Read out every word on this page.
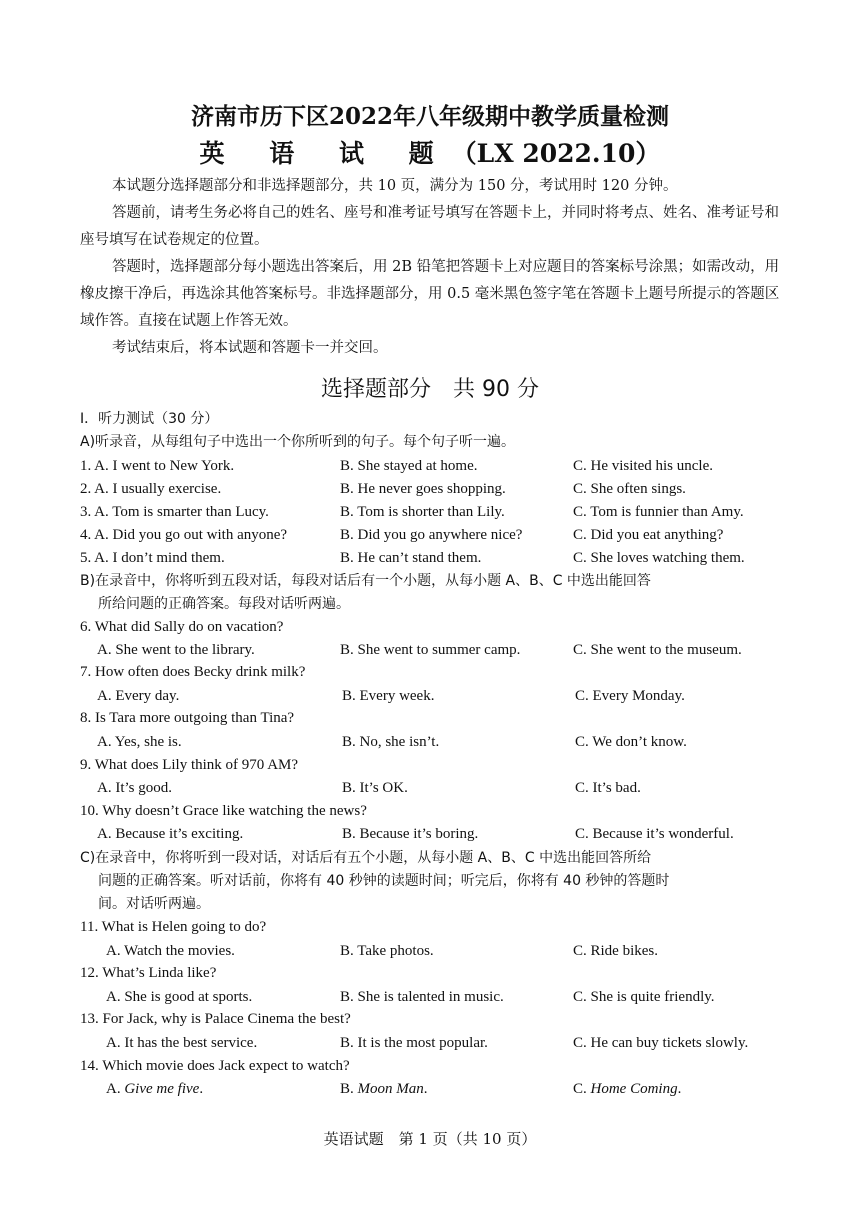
济南市历下区2022年八年级期中教学质量检测
英 语 试 题（LX 2022.10）
本试题分选择题部分和非选择题部分，共 10 页，满分为 150 分，考试用时 120 分钟。
答题前，请考生务必将自己的姓名、座号和准考证号填写在答题卡上，并同时将考点、姓名、准考证号和座号填写在试卷规定的位置。
答题时，选择题部分每小题选出答案后，用 2B 铅笔把答题卡上对应题目的答案标号涂黑；如需改动，用橡皮擦干净后，再选涂其他答案标号。非选择题部分，用 0.5 毫米黑色签字笔在答题卡上题号所提示的答题区域作答。直接在试题上作答无效。
考试结束后，将本试题和答题卡一并交回。
选择题部分　共 90 分
I．听力测试（30 分）
A)听录音，从每组句子中选出一个你所听到的句子。每个句子听一遍。
1. A. I went to New York.	B. She stayed at home.	C. He visited his uncle.
2. A. I usually exercise.	B. He never goes shopping.	C. She often sings.
3. A. Tom is smarter than Lucy.	B. Tom is shorter than Lily.	C. Tom is funnier than Amy.
4. A. Did you go out with anyone?	B. Did you go anywhere nice?	C. Did you eat anything?
5. A. I don’t mind them.	B. He can’t stand them.	C. She loves watching them.
B)在录音中，你将听到五段对话，每段对话后有一个小题，从每小题 A、B、C 中选出能回答
所给问题的正确答案。每段对话听两遍。
6. What did Sally do on vacation?
A. She went to the library.	B. She went to summer camp.	C. She went to the museum.
7. How often does Becky drink milk?
A. Every day.	B. Every week.	C. Every Monday.
8. Is Tara more outgoing than Tina?
A. Yes, she is.	B. No, she isn’t.	C. We don’t know.
9. What does Lily think of 970 AM?
A. It’s good.	B. It’s OK.	C. It’s bad.
10. Why doesn’t Grace like watching the news?
A. Because it’s exciting.	B. Because it’s boring.	C. Because it’s wonderful.
C)在录音中，你将听到一段对话，对话后有五个小题，从每小题 A、B、C 中选出能回答所给
问题的正确答案。听对话前，你将有 40 秒钟的读题时间；听完后，你将有 40 秒钟的答题时
间。对话听两遍。
11. What is Helen going to do?
A. Watch the movies.	B. Take photos.	C. Ride bikes.
12. What’s Linda like?
A. She is good at sports.	B. She is talented in music.	C. She is quite friendly.
13. For Jack, why is Palace Cinema the best?
A. It has the best service.	B. It is the most popular.	C. He can buy tickets slowly.
14. Which movie does Jack expect to watch?
A. Give me five.	B. Moon Man.	C. Home Coming.
英语试题　第 1 页（共 10 页）
